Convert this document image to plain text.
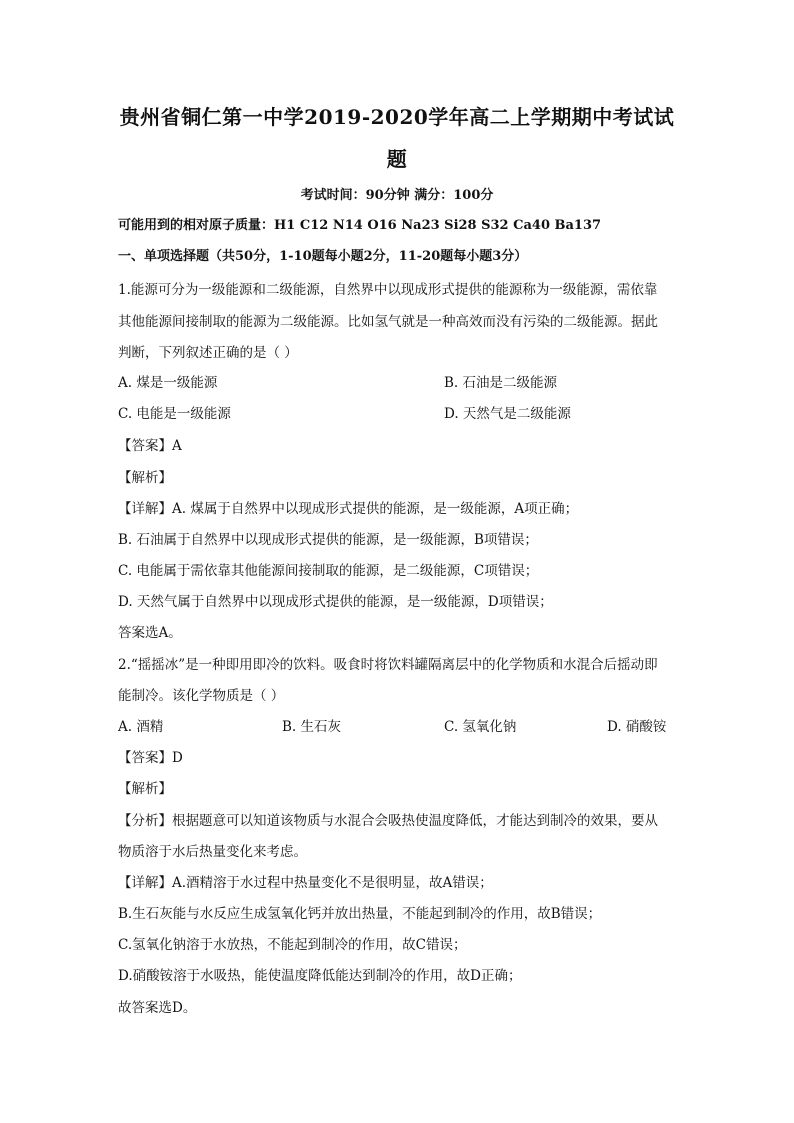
贵州省铜仁第一中学2019-2020学年高二上学期期中考试试
题
考试时间：90分钟 满分：100分
可能用到的相对原子质量：H1 C12 N14 O16 Na23 Si28 S32 Ca40 Ba137
一、单项选择题（共50分，1-10题每小题2分，11-20题每小题3分）
1.能源可分为一级能源和二级能源，自然界中以现成形式提供的能源称为一级能源，需依靠
其他能源间接制取的能源为二级能源。比如氢气就是一种高效而没有污染的二级能源。据此
判断，下列叙述正确的是（ ）
A. 煤是一级能源	B. 石油是二级能源
C. 电能是一级能源	D. 天然气是二级能源
【答案】A
【解析】
【详解】A. 煤属于自然界中以现成形式提供的能源，是一级能源，A项正确；
B. 石油属于自然界中以现成形式提供的能源，是一级能源，B项错误；
C. 电能属于需依靠其他能源间接制取的能源，是二级能源，C项错误；
D. 天然气属于自然界中以现成形式提供的能源，是一级能源，D项错误；
答案选A。
2.“摇摇冰”是一种即用即冷的饮料。吸食时将饮料罐隔离层中的化学物质和水混合后摇动即
能制冷。该化学物质是（ ）
A. 酒精	B. 生石灰	C. 氢氧化钠	D. 硝酸铵
【答案】D
【解析】
【分析】根据题意可以知道该物质与水混合会吸热使温度降低，才能达到制冷的效果，要从
物质溶于水后热量变化来考虑。
【详解】A.酒精溶于水过程中热量变化不是很明显，故A错误；
B.生石灰能与水反应生成氢氧化钙并放出热量，不能起到制冷的作用，故B错误；
C.氢氧化钠溶于水放热，不能起到制冷的作用，故C错误；
D.硝酸铵溶于水吸热，能使温度降低能达到制冷的作用，故D正确；
故答案选D。
